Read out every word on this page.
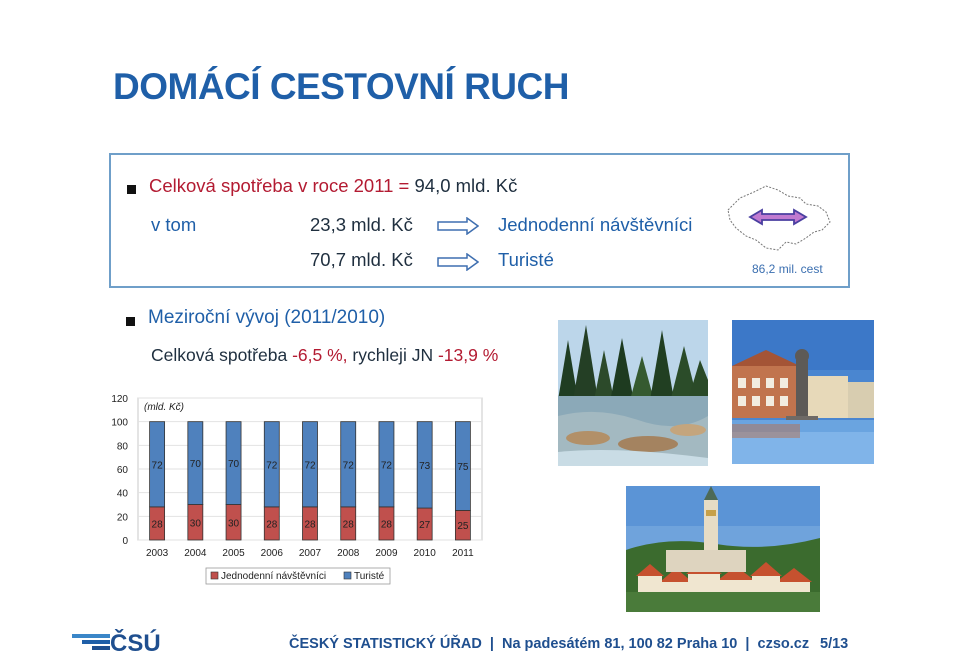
DOMÁCÍ CESTOVNÍ RUCH
Celková spotřeba v roce 2011 = 94,0 mld. Kč
v tom	23,3 mld. Kč	Jednodenní návštěvníci
70,7 mld. Kč	Turisté	86,2 mil. cest
Meziroční vývoj (2011/2010)
Celková spotřeba -6,5 %, rychleji JN -13,9 %
0
20
40
60
80
100
120
28
72
2003
30
70
2004
30
70
2005
28
72
2006
28
72
2007
28
72
2008
28
72
2009
27
73
2010
25
75
2011
(mld. Kč)
Jednodenní návštěvníci	Turisté
ČSÚ	ČESKÝ STATISTICKÝ ÚŘAD  |  Na padesátém 81, 100 82 Praha 10  |  czso.cz 5/13
